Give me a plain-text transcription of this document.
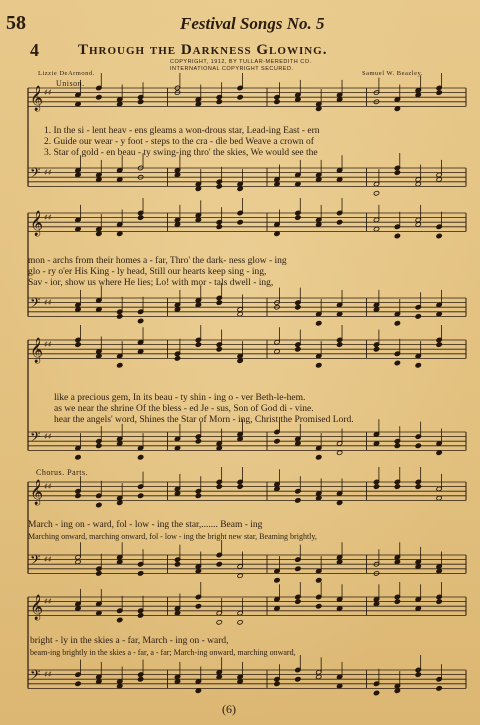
58	Festival Songs No. 5
4	Through the Darkness Glowing.
COPYRIGHT, 1912, BY TULLAR-MEREDITH CO.
INTERNATIONAL COPYRIGHT SECURED.
Lizzie DeArmond.	Samuel W. Beazley.
Unison.
Chorus. Parts.
𝄞 ♯♯
𝄢 ♯♯
𝄞 ♯♯
𝄢 ♯♯
𝄞 ♯♯
𝄢 ♯♯
𝄞 ♯♯
𝄢 ♯♯
𝄞 ♯♯
𝄢 ♯♯
1. In the si - lent heav - ens gleams a won-drous star, Lead-ing East - ern
2. Guide our wear - y foot - steps to the cra - dle bed Weave a crown of
3. Star of gold - en beau - ty swing-ing thro' the skies, We would see the
mon - archs from their homes a - far, Thro' the dark- ness glow - ing
glo - ry o'er His King - ly head, Still our hearts keep sing - ing,
Sav - ior, show us where He lies; Lo! with mor - tals dwell - ing,
like a precious gem, In its beau - ty shin - ing o - ver Beth-le-hem.
as we near the shrine Of the bless - ed Je - sus, Son of God di - vine.
hear the angels' word, Shines the Star of Morn - ing, Christ the Promised Lord.
March - ing on - ward, fol - low - ing the star,....... Beam - ing
Marching onward, marching onward, fol - low - ing the bright new star, Beaming brightly,
bright - ly in the skies a - far, March - ing on - ward,
beam-ing brightly in the skies a - far, a - far; March-ing onward, marching onward,
(6)
